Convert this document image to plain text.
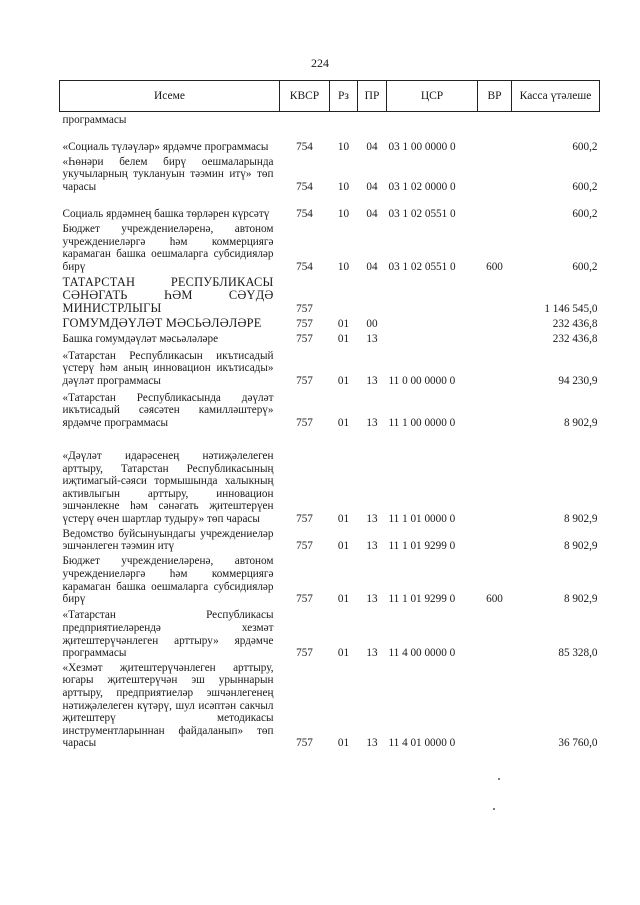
224
Исеме	КВСР	Рз	ПР	ЦСР	ВР	Касса үтәлеше
программасы						
«Социаль түләүләр» ярдәмче программасы	754	10	04	03 1 00 0000 0		600,2
«Һөнәри белем бирү оешмаларында укучыларның туклануын тәэмин итү» төп чарасы	754	10	04	03 1 02 0000 0		600,2
Социаль ярдәмнең башка төрләрен күрсәтү	754	10	04	03 1 02 0551 0		600,2
Бюджет учреждениеләренә, автоном учреждениеләргә һәм коммерциягә карамаган башка оешмаларга субсидияләр бирү	754	10	04	03 1 02 0551 0	600	600,2
ТАТАРСТАН РЕСПУБЛИКАСЫ СӘНӘГАТЬ ҺӘМ СӘҮДӘ МИНИСТРЛЫГЫ	757					1 146 545,0
ГОМУМДӘҮЛӘТ МӘСЬӘЛӘЛӘРЕ	757	01	00			232 436,8
Башка гомумдәүләт мәсьәләләре	757	01	13			232 436,8
«Татарстан Республикасын икътисадый үстерү һәм аның инновацион икътисады» дәүләт программасы	757	01	13	11 0 00 0000 0		94 230,9
«Татарстан Республикасында дәүләт икътисадый сәясәтен камилләштерү» ярдәмче программасы	757	01	13	11 1 00 0000 0		8 902,9
«Дәүләт идарәсенең нәтиҗәлелеген арттыру, Татарстан Республикасының иҗтимагый-сәяси тормышында халыкның активлыгын арттыру, инновацион эшчәнлекне һәм сәнәгать җитештерүен үстерү өчен шартлар тудыру» төп чарасы	757	01	13	11 1 01 0000 0		8 902,9
Ведомство буйсынуындагы учреждениеләр эшчәнлеген тәэмин итү	757	01	13	11 1 01 9299 0		8 902,9
Бюджет учреждениеләренә, автоном учреждениеләргә һәм коммерциягә карамаган башка оешмаларга субсидияләр бирү	757	01	13	11 1 01 9299 0	600	8 902,9
«Татарстан Республикасы предприятиеләрендә хезмәт җитештерүчәнлеген арттыру» ярдәмче программасы	757	01	13	11 4 00 0000 0		85 328,0
«Хезмәт җитештерүчәнлеген арттыру, югары җитештерүчән эш урыннарын арттыру, предприятиеләр эшчәнлегенең нәтиҗәлелеген күтәрү, шул исәптән сакчыл җитештерү методикасы инструментларыннан файдаланып» төп чарасы	757	01	13	11 4 01 0000 0		36 760,0
